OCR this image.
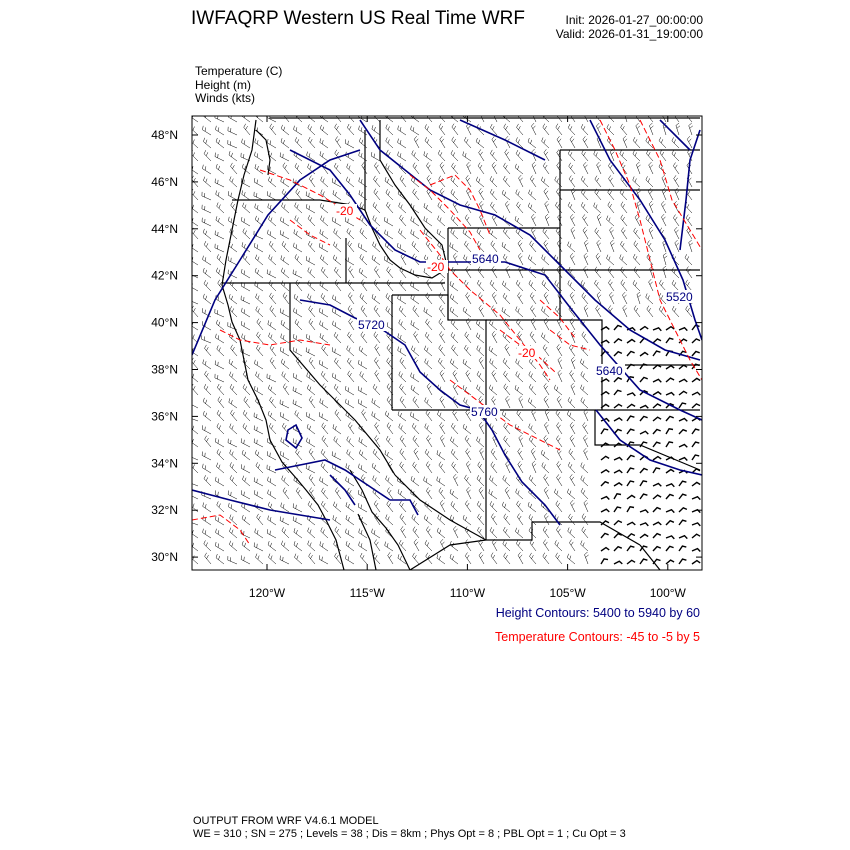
IWFAQRP Western US Real Time WRF	Init: 2026-01-27_00:00:00
Valid: 2026-01-31_19:00:00
Temperature (C)
Height (m)
Winds (kts)
5640
5720
5640
5520
5760
-20
-20
-20
48°N
46°N
44°N
42°N
40°N
38°N
36°N
34°N
32°N
30°N
120°W	115°W	110°W	105°W	100°W
Height Contours: 5400 to 5940 by 60
Temperature Contours: -45 to -5 by 5
OUTPUT FROM WRF V4.6.1 MODEL
WE = 310 ; SN = 275 ; Levels = 38 ; Dis = 8km ; Phys Opt = 8 ; PBL Opt = 1 ; Cu Opt = 3
